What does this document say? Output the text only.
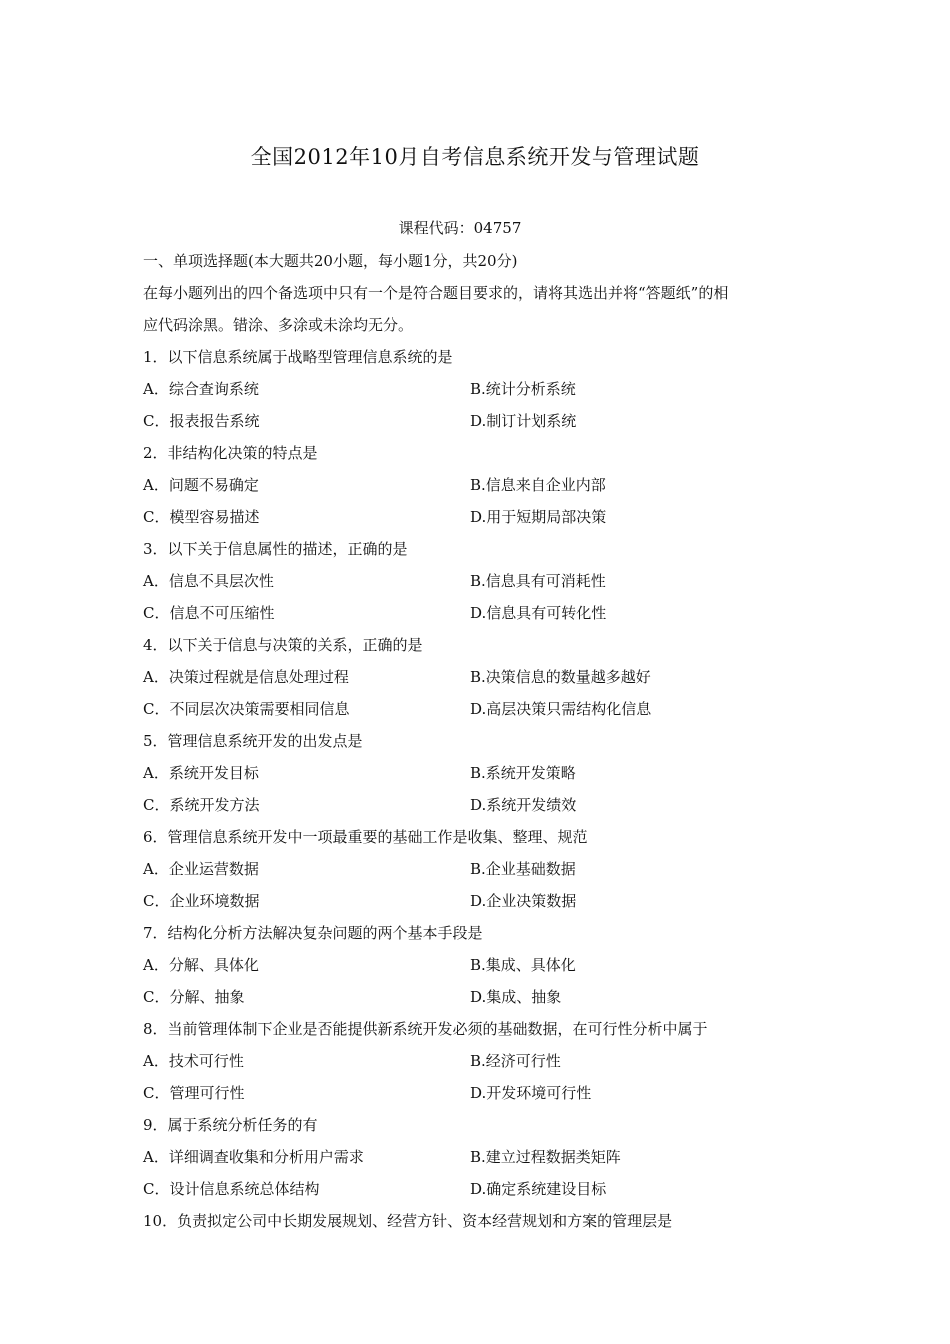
全国2012年10月自考信息系统开发与管理试题
课程代码：04757
一、单项选择题(本大题共20小题，每小题1分，共20分)
在每小题列出的四个备选项中只有一个是符合题目要求的，请将其选出并将“答题纸”的相
应代码涂黑。错涂、多涂或未涂均无分。
1．以下信息系统属于战略型管理信息系统的是
A．综合查询系统	B.统计分析系统
C．报表报告系统	D.制订计划系统
2．非结构化决策的特点是
A．问题不易确定	B.信息来自企业内部
C．模型容易描述	D.用于短期局部决策
3．以下关于信息属性的描述，正确的是
A．信息不具层次性	B.信息具有可消耗性
C．信息不可压缩性	D.信息具有可转化性
4．以下关于信息与决策的关系，正确的是
A．决策过程就是信息处理过程	B.决策信息的数量越多越好
C．不同层次决策需要相同信息	D.高层决策只需结构化信息
5．管理信息系统开发的出发点是
A．系统开发目标	B.系统开发策略
C．系统开发方法	D.系统开发绩效
6．管理信息系统开发中一项最重要的基础工作是收集、整理、规范
A．企业运营数据	B.企业基础数据
C．企业环境数据	D.企业决策数据
7．结构化分析方法解决复杂问题的两个基本手段是
A．分解、具体化	B.集成、具体化
C．分解、抽象	D.集成、抽象
8．当前管理体制下企业是否能提供新系统开发必须的基础数据，在可行性分析中属于
A．技术可行性	B.经济可行性
C．管理可行性	D.开发环境可行性
9．属于系统分析任务的有
A．详细调查收集和分析用户需求	B.建立过程数据类矩阵
C．设计信息系统总体结构	D.确定系统建设目标
10．负责拟定公司中长期发展规划、经营方针、资本经营规划和方案的管理层是
